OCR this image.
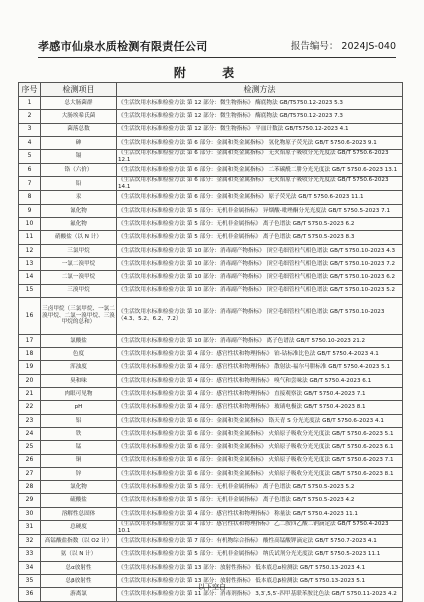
孝感市仙泉水质检测有限责任公司	报告编号： 2024JS-040
附 表
序号	检测项目	检测方法
1	总大肠菌群	《生活饮用水标准检验方法 第 12 部分：微生物指标》 酶底物法 GB/T5750.12-2023 5.3
2	大肠埃希氏菌	《生活饮用水标准检验方法 第 12 部分：微生物指标》 酶底物法 GB/T5750.12-2023 7.3
3	菌落总数	《生活饮用水标准检验方法 第 12 部分：微生物指标》 平皿计数法 GB/T5750.12-2023 4.1
4	砷	《生活饮用水标准检验方法 第 6 部分：金属和类金属指标》 氢化物原子荧光法 GB/T 5750.6-2023 9.1
5	镉	《生活饮用水标准检验方法 第 6 部分：金属和类金属指标》 无火焰原子吸收分光光度法 GB/T 5750.6-2023 12.1
6	铬（六价）	《生活饮用水标准检验方法 第 6 部分：金属和类金属指标》 二苯碳酰二肼分光光度法 GB/T 5750.6-2023 13.1
7	铅	《生活饮用水标准检验方法 第 6 部分：金属和类金属指标》 无火焰原子吸收分光光度法 GB/T 5750.6-2023 14.1
8	汞	《生活饮用水标准检验方法 第 6 部分：金属和类金属指标》 原子荧光法 GB/T 5750.6-2023 11.1
9	氰化物	《生活饮用水标准检验方法 第 5 部分：无机非金属指标》 异烟酸-吡唑酮分光光度法 GB/T 5750.5-2023 7.1
10	氟化物	《生活饮用水标准检验方法 第 5 部分：无机非金属指标》 离子色谱法 GB/T 5750.5-2023 6.2
11	硝酸盐（以 N 计）	《生活饮用水标准检验方法 第 5 部分：无机非金属指标》 离子色谱法 GB/T 5750.5-2023 8.3
12	三氯甲烷	《生活饮用水标准检验方法 第 10 部分：消毒副产物指标》 顶空毛细管柱气相色谱法 GB/T 5750.10-2023 4.3
13	一氯二溴甲烷	《生活饮用水标准检验方法 第 10 部分：消毒副产物指标》 顶空毛细管柱气相色谱法 GB/T 5750.10-2023 7.2
14	二氯一溴甲烷	《生活饮用水标准检验方法 第 10 部分：消毒副产物指标》 顶空毛细管柱气相色谱法 GB/T 5750.10-2023 6.2
15	三溴甲烷	《生活饮用水标准检验方法 第 10 部分：消毒副产物指标》 顶空毛细管柱气相色谱法 GB/T 5750.10-2023 5.2
16	三卤甲烷（三氯甲烷、一氯二溴甲烷、二氯一溴甲烷、三溴甲烷的总和）	《生活饮用水标准检验方法 第 10 部分：消毒副产物指标》 顶空毛细管柱气相色谱法 GB/T 5750.10-2023（4.3、5.2、6.2、7.2）
17	氯酸盐	《生活饮用水标准检验方法 第 10 部分：消毒副产物指标》 离子色谱法 GB/T 5750.10-2023 21.2
18	色度	《生活饮用水标准检验方法 第 4 部分：感官性状和物理指标》 铂-钴标准比色法 GB/T 5750.4-2023 4.1
19	浑浊度	《生活饮用水标准检验方法 第 4 部分：感官性状和物理指标》 散射法-福尔马肼标准 GB/T 5750.4-2023 5.1
20	臭和味	《生活饮用水标准检验方法 第 4 部分：感官性状和物理指标》 嗅气和尝味法 GB/T 5750.4-2023 6.1
21	肉眼可见物	《生活饮用水标准检验方法 第 4 部分：感官性状和物理指标》 直接观察法 GB/T 5750.4-2023 7.1
22	pH	《生活饮用水标准检验方法 第 4 部分：感官性状和物理指标》 玻璃电极法 GB/T 5750.4-2023 8.1
23	铝	《生活饮用水标准检验方法 第 6 部分：金属和类金属指标》 铬天青 S 分光光度法 GB/T 5750.6-2023 4.1
24	铁	《生活饮用水标准检验方法 第 6 部分：金属和类金属指标》 火焰原子吸收分光光度法 GB/T 5750.6-2023 5.1
25	锰	《生活饮用水标准检验方法 第 6 部分：金属和类金属指标》 火焰原子吸收分光光度法 GB/T 5750.6-2023 6.1
26	铜	《生活饮用水标准检验方法 第 6 部分：金属和类金属指标》 火焰原子吸收分光光度法 GB/T 5750.6-2023 7.1
27	锌	《生活饮用水标准检验方法 第 6 部分：金属和类金属指标》 火焰原子吸收分光光度法 GB/T 5750.6-2023 8.1
28	氯化物	《生活饮用水标准检验方法 第 5 部分：无机非金属指标》 离子色谱法 GB/T 5750.5-2023 5.2
29	硫酸盐	《生活饮用水标准检验方法 第 5 部分：无机非金属指标》 离子色谱法 GB/T 5750.5-2023 4.2
30	溶解性总固体	《生活饮用水标准检验方法 第 4 部分：感官性状和物理指标》 称量法 GB/T 5750.4-2023 11.1
31	总硬度	《生活饮用水标准检验方法 第 4 部分：感官性状和物理指标》 乙二胺四乙酸二钠滴定法 GB/T 5750.4-2023 10.1
32	高锰酸盐指数（以 O2 计）	《生活饮用水标准检验方法 第 7 部分：有机物综合指标》 酸性高锰酸钾滴定法 GB/T 5750.7-2023 4.1
33	氨（以 N 计）	《生活饮用水标准检验方法 第 5 部分：无机非金属指标》 纳氏试剂分光光度法 GB/T 5750.5-2023 11.1
34	总α放射性	《生活饮用水标准检验方法 第 13 部分：放射性指标》 低本底总α检测法 GB/T 5750.13-2023 4.1
35	总β放射性	《生活饮用水标准检验方法 第 13 部分：放射性指标》 低本底总β检测法 GB/T 5750.13-2023 5.1
36	游离氯	《生活饮用水标准检验方法 第 11 部分：消毒剂指标》 3,3′,5,5′-四甲基联苯胺比色法 GB/T 5750.11-2023 4.2
以下空白
